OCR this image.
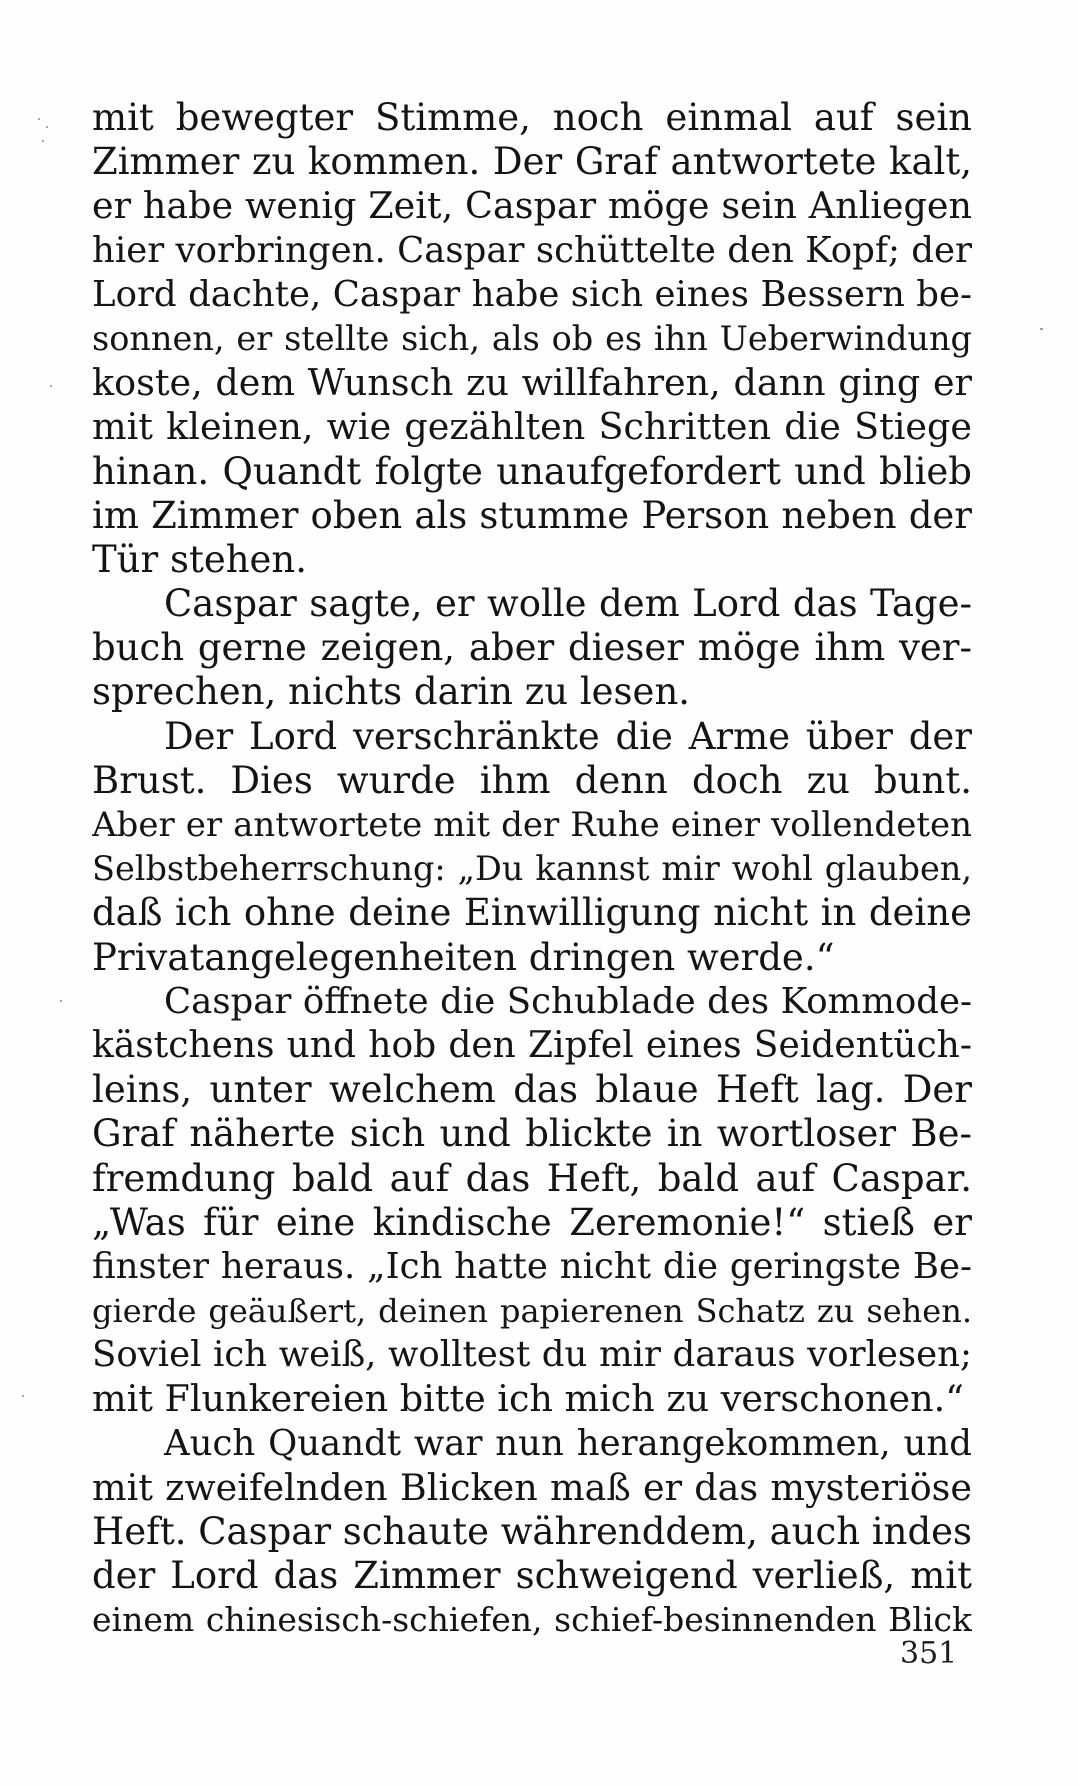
mit bewegter Stimme, noch einmal auf sein
Zimmer zu kommen. Der Graf antwortete kalt,
er habe wenig Zeit, Caspar möge sein Anliegen
hier vorbringen. Caspar schüttelte den Kopf; der
Lord dachte, Caspar habe sich eines Bessern be-
sonnen, er stellte sich, als ob es ihn Ueberwindung
koste, dem Wunsch zu willfahren, dann ging er
mit kleinen, wie gezählten Schritten die Stiege
hinan. Quandt folgte unaufgefordert und blieb
im Zimmer oben als stumme Person neben der
Tür stehen.
Caspar sagte, er wolle dem Lord das Tage-
buch gerne zeigen, aber dieser möge ihm ver-
sprechen, nichts darin zu lesen.
Der Lord verschränkte die Arme über der
Brust. Dies wurde ihm denn doch zu bunt.
Aber er antwortete mit der Ruhe einer vollendeten
Selbstbeherrschung: „Du kannst mir wohl glauben,
daß ich ohne deine Einwilligung nicht in deine
Privatangelegenheiten dringen werde.“
Caspar öffnete die Schublade des Kommode-
kästchens und hob den Zipfel eines Seidentüch-
leins, unter welchem das blaue Heft lag. Der
Graf näherte sich und blickte in wortloser Be-
fremdung bald auf das Heft, bald auf Caspar.
„Was für eine kindische Zeremonie!“ stieß er
finster heraus. „Ich hatte nicht die geringste Be-
gierde geäußert, deinen papierenen Schatz zu sehen.
Soviel ich weiß, wolltest du mir daraus vorlesen;
mit Flunkereien bitte ich mich zu verschonen.“
Auch Quandt war nun herangekommen, und
mit zweifelnden Blicken maß er das mysteriöse
Heft. Caspar schaute währenddem, auch indes
der Lord das Zimmer schweigend verließ, mit
einem chinesisch-schiefen, schief-besinnenden Blick
351
